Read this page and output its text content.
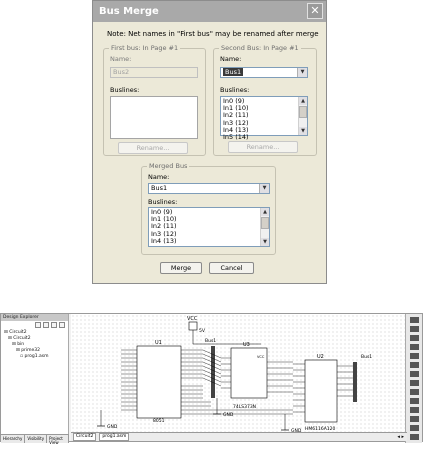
Bus Merge	✕
Note: Net names in "First bus" may be renamed after merge
First bus: In Page #1
Name:
Bus2
Buslines:
Rename...
Second Bus: In Page #1
Name:
Bus1	▼
Buslines:
In0 (9)
In1 (10)
In2 (11)
In3 (12)
In4 (13)
In5 (14)
▲
▼
Rename...
Merged Bus
Name:
Bus1	▼
Buslines:
In0 (9)
In1 (10)
In2 (11)
In3 (12)
In4 (13)
▲
▼
Merge	Cancel
Design Explorer
⊟ Circuit2
⊟ Circuit2
⊟ bin
⊟ prime32
▫ prog1.asm
Hierarchy	Visibility	Project View
VCC
5V
U1
8051
GND
Bus1
U3
74LS373N
VCC
GND
U2
HM6116A120
Bus1
Circuit2	prog1.asm	◂ ▸
